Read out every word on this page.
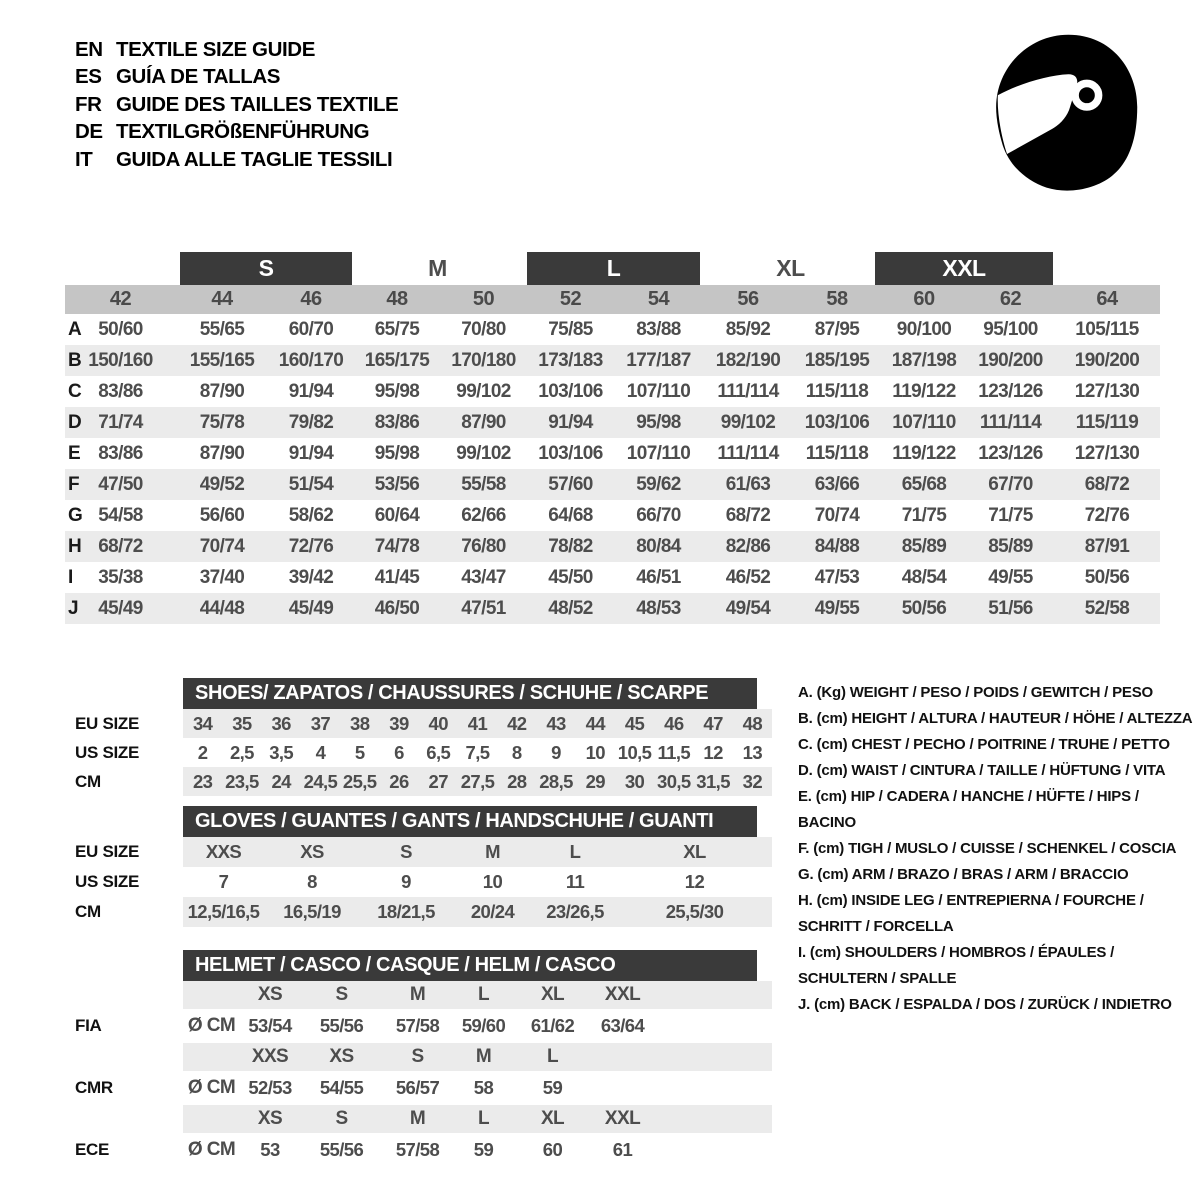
EN TEXTILE SIZE GUIDE
ES GUÍA DE TALLAS
FR GUIDE DES TAILLES TEXTILE
DE TEXTILGRÖßENFÜHRUNG
IT	GUIDA ALLE TAGLIE TESSILI
S	M	L	XL	XXL
42	44	46	48	50	52	54	56	58	60	62	64
A 50/60	55/65	60/70	65/75	70/80	75/85	83/88	85/92	87/95	90/100	95/100	105/115
B 150/160	155/165	160/170	165/175	170/180	173/183	177/187	182/190	185/195	187/198	190/200	190/200
C 83/86	87/90	91/94	95/98	99/102	103/106	107/110	111/114	115/118	119/122	123/126	127/130
D 71/74	75/78	79/82	83/86	87/90	91/94	95/98	99/102	103/106	107/110	111/114	115/119
E 83/86	87/90	91/94	95/98	99/102	103/106	107/110	111/114	115/118	119/122	123/126	127/130
F 47/50	49/52	51/54	53/56	55/58	57/60	59/62	61/63	63/66	65/68	67/70	68/72
G 54/58	56/60	58/62	60/64	62/66	64/68	66/70	68/72	70/74	71/75	71/75	72/76
H 68/72	70/74	72/76	74/78	76/80	78/82	80/84	82/86	84/88	85/89	85/89	87/91
I	35/38	37/40	39/42	41/45	43/47	45/50	46/51	46/52	47/53	48/54	49/55	50/56
J	45/49	44/48	45/49	46/50	47/51	48/52	48/53	49/54	49/55	50/56	51/56	52/58
SHOES/ ZAPATOS / CHAUSSURES / SCHUHE / SCARPE
EU SIZE	34	35	36	37	38	39	40	41	42	43	44	45	46	47	48
US SIZE	2	2,5 3,5	4	5	6	6,5 7,5	8	9	10 10,5 11,5 12	13
CM	23 23,5 24 24,5 25,5 26	27 27,5 28 28,5 29	30 30,5 31,5 32
GLOVES / GUANTES / GANTS / HANDSCHUHE / GUANTI
EU SIZE	XXS	XS	S	M	L	XL
US SIZE	7	8	9	10	11	12
CM	12,5/16,5	16,5/19	18/21,5	20/24	23/26,5	25,5/30
HELMET / CASCO / CASQUE / HELM / CASCO
XS	S	M	L	XL	XXL
FIA	Ø CM 53/54	55/56	57/58	59/60	61/62	63/64
XXS	XS	S	M	L
CMR	Ø CM 52/53	54/55	56/57	58	59
XS	S	M	L	XL	XXL
ECE	Ø CM	53	55/56	57/58	59	60	61
A. (Kg) WEIGHT / PESO / POIDS / GEWITCH / PESO
B. (cm) HEIGHT / ALTURA / HAUTEUR / HÖHE / ALTEZZA
C. (cm) CHEST / PECHO / POITRINE / TRUHE / PETTO
D. (cm) WAIST / CINTURA / TAILLE / HÜFTUNG / VITA
E. (cm) HIP / CADERA / HANCHE / HÜFTE / HIPS / BACINO
F. (cm) TIGH / MUSLO / CUISSE / SCHENKEL / COSCIA
G. (cm) ARM / BRAZO / BRAS / ARM / BRACCIO
H. (cm) INSIDE LEG / ENTREPIERNA / FOURCHE / SCHRITT / FORCELLA
I. (cm) SHOULDERS / HOMBROS / ÉPAULES / SCHULTERN / SPALLE
J. (cm) BACK / ESPALDA / DOS / ZURÜCK / INDIETRO
